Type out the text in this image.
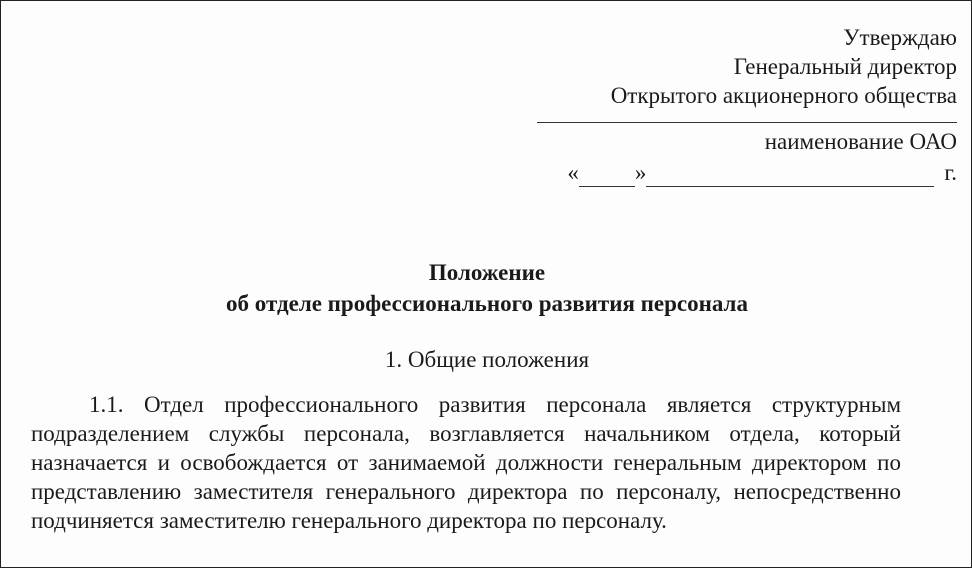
Утверждаю
Генеральный директор
Открытого акционерного общества
наименование ОАО
« »	г.
Положение
об отделе профессионального развития персонала
1. Общие положения
1.1. Отдел профессионального развития персонала является структурным подразделением службы персонала, возглавляется начальником отдела, который назначается и освобождается от занимаемой должности генеральным директором по представлению заместителя генерального директора по персоналу, непосредственно подчиняется заместителю генерального директора по персоналу.
